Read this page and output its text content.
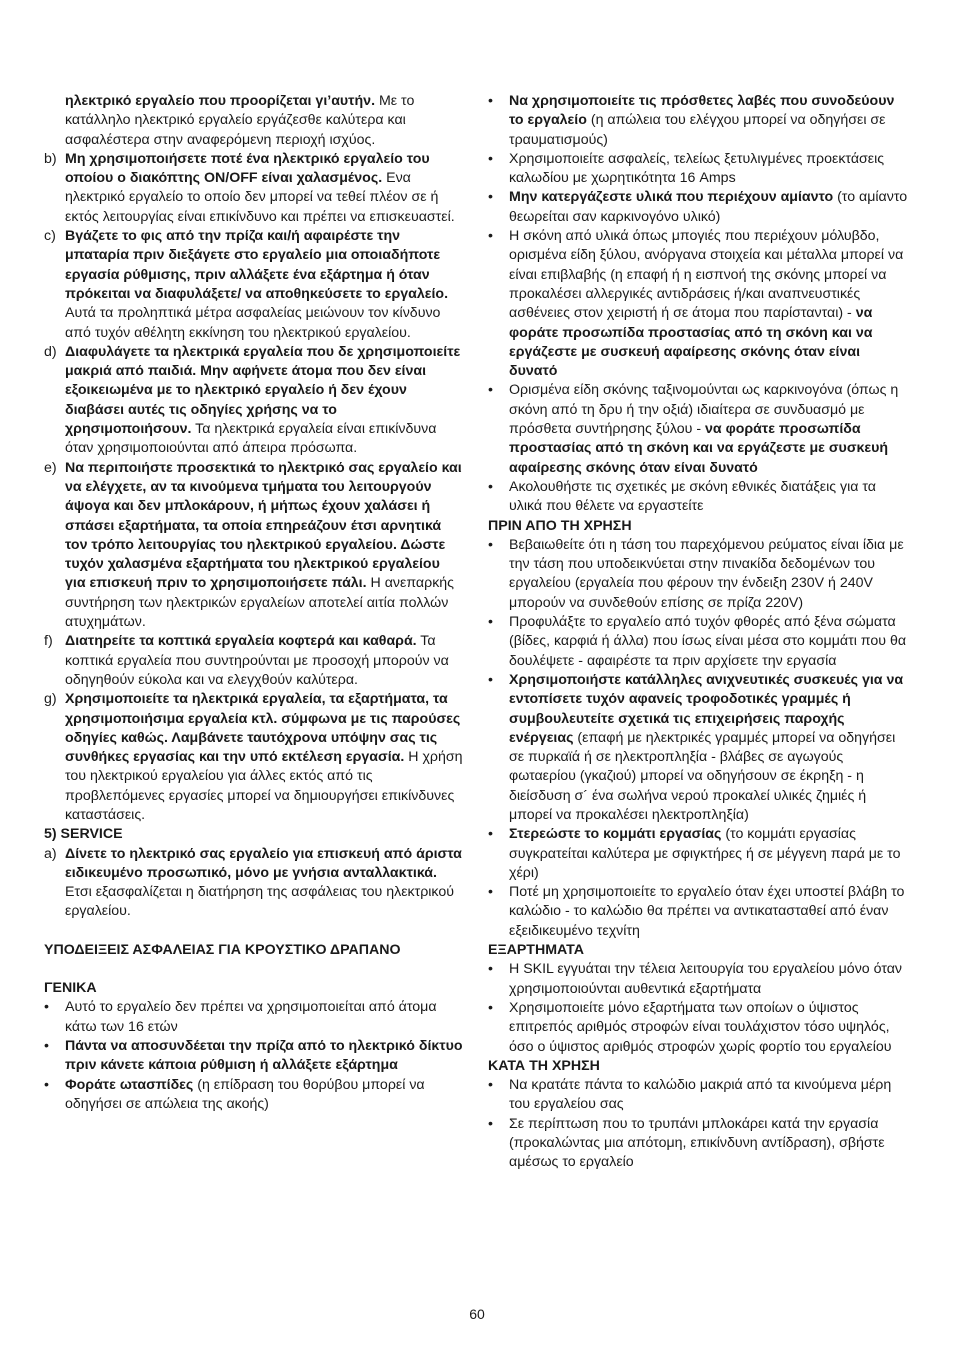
ηλεκτρικό εργαλείο που προορίζεται γι’αυτήν. Με το κατάλληλο ηλεκτρικό εργαλείο εργάζεσθε καλύτερα και ασφαλέστερα στην αναφερόμενη περιοχή ισχύος.
b) Μη χρησιμοποιήσετε ποτέ ένα ηλεκτρικό εργαλείο του οποίου ο διακόπτης ON/OFF είναι χαλασμένος. Ενα ηλεκτρικό εργαλείο το οποίο δεν μπορεί να τεθεί πλέον σε ή εκτός λειτουργίας είναι επικίνδυνο και πρέπει να επισκευαστεί.
c) Βγάζετε το φις από την πρίζα και/ή αφαιρέστε την μπαταρία πριν διεξάγετε στο εργαλείο μια οποιαδήποτε εργασία ρύθμισης, πριν αλλάξετε ένα εξάρτημα ή όταν πρόκειται να διαφυλάξετε/ να αποθηκεύσετε το εργαλείο. Αυτά τα προληπτικά μέτρα ασφαλείας μειώνουν τον κίνδυνο από τυχόν αθέλητη εκκίνηση του ηλεκτρικού εργαλείου.
d) Διαφυλάγετε τα ηλεκτρικά εργαλεία που δε χρησιμοποιείτε μακριά από παιδιά. Μην αφήνετε άτομα που δεν είναι εξοικειωμένα με το ηλεκτρικό εργαλείο ή δεν έχουν διαβάσει αυτές τις οδηγίες χρήσης να το χρησιμοποιήσουν. Τα ηλεκτρικά εργαλεία είναι επικίνδυνα όταν χρησιμοποιούνται από άπειρα πρόσωπα.
e) Να περιποιήστε προσεκτικά το ηλεκτρικό σας εργαλείο και να ελέγχετε, αν τα κινούμενα τμήματα του λειτουργούν άψογα και δεν μπλοκάρουν, ή μήπως έχουν χαλάσει ή σπάσει εξαρτήματα, τα οποία επηρεάζουν έτσι αρνητικά τον τρόπο λειτουργίας του ηλεκτρικού εργαλείου. Δώστε τυχόν χαλασμένα εξαρτήματα του ηλεκτρικού εργαλείου για επισκευή πριν το χρησιμοποιήσετε πάλι. Η ανεπαρκής συντήρηση των ηλεκτρικών εργαλείων αποτελεί αιτία πολλών ατυχημάτων.
f) Διατηρείτε τα κοπτικά εργαλεία κοφτερά και καθαρά. Τα κοπτικά εργαλεία που συντηρούνται με προσοχή μπορούν να οδηγηθούν εύκολα και να ελεγχθούν καλύτερα.
g) Χρησιμοποιείτε τα ηλεκτρικά εργαλεία, τα εξαρτήματα, τα χρησιμοποιήσιμα εργαλεία κτλ. σύμφωνα με τις παρούσες οδηγίες καθώς. Λαμβάνετε ταυτόχρονα υπόψην σας τις συνθήκες εργασίας και την υπό εκτέλεση εργασία. Η χρήση του ηλεκτρικού εργαλείου για άλλες εκτός από τις προβλεπόμενες εργασίες μπορεί να δημιουργήσει επικίνδυνες καταστάσεις.
5) SERVICE
a) Δίνετε το ηλεκτρικό σας εργαλείο για επισκευή από άριστα ειδικευμένο προσωπικό, μόνο με γνήσια ανταλλακτικά. Ετσι εξασφαλίζεται η διατήρηση της ασφάλειας του ηλεκτρικού εργαλείου.
ΥΠΟΔΕΙΞΕΙΣ ΑΣΦΑΛΕΙΑΣ ΓΙΑ ΚΡΟΥΣΤΙΚΟ ΔΡΑΠΑΝΟ
ΓΕΝΙΚΑ
• Αυτό το εργαλείο δεν πρέπει να χρησιμοποιείται από άτομα κάτω των 16 ετών
• Πάντα να αποσυνδέεται την πρίζα από το ηλεκτρικό δίκτυο πριν κάνετε κάποια ρύθμιση ή αλλάξετε εξάρτημα
• Φοράτε ωτασπίδες (η επίδραση του θορύβου μπορεί να οδηγήσει σε απώλεια της ακοής)
• Να χρησιμοποιείτε τις πρόσθετες λαβές που συνοδεύουν το εργαλείο (η απώλεια του ελέγχου μπορεί να οδηγήσει σε τραυματισμούς)
• Χρησιμοποιείτε ασφαλείς, τελείως ξετυλιγμένες προεκτάσεις καλωδίου με χωρητικότητα 16 Amps
• Μην κατεργάζεστε υλικά που περιέχουν αμίαντο (το αμίαντο θεωρείται σαν καρκινογόνο υλικό)
• Η σκόνη από υλικά όπως μπογιές που περιέχουν μόλυβδο, ορισμένα είδη ξύλου, ανόργανα στοιχεία και μέταλλα μπορεί να είναι επιβλαβής (η επαφή ή η εισπνοή της σκόνης μπορεί να προκαλέσει αλλεργικές αντιδράσεις ή/και αναπνευστικές ασθένειες στον χειριστή ή σε άτομα που παρίστανται) - να φοράτε προσωπίδα προστασίας από τη σκόνη και να εργάζεστε με συσκευή αφαίρεσης σκόνης όταν είναι δυνατό
• Ορισμένα είδη σκόνης ταξινομούνται ως καρκινογόνα (όπως η σκόνη από τη δρυ ή την οξιά) ιδιαίτερα σε συνδυασμό με πρόσθετα συντήρησης ξύλου - να φοράτε προσωπίδα προστασίας από τη σκόνη και να εργάζεστε με συσκευή αφαίρεσης σκόνης όταν είναι δυνατό
• Ακολουθήστε τις σχετικές με σκόνη εθνικές διατάξεις για τα υλικά που θέλετε να εργαστείτε
ΠΡΙΝ ΑΠΟ ΤΗ ΧΡΗΣΗ
• Βεβαιωθείτε ότι η τάση του παρεχόμενου ρεύματος είναι ίδια με την τάση που υποδεικνύεται στην πινακίδα δεδομένων του εργαλείου (εργαλεία που φέρουν την ένδειξη 230V ή 240V μπορούν να συνδεθούν επίσης σε πρίζα 220V)
• Προφυλάξτε το εργαλείο από τυχόν φθορές από ξένα σώματα (βίδες, καρφιά ή άλλα) που ίσως είναι μέσα στο κομμάτι που θα δουλέψετε - αφαιρέστε τα πριν αρχίσετε την εργασία
• Χρησιμοποιήστε κατάλληλες ανιχνευτικές συσκευές για να εντοπίσετε τυχόν αφανείς τροφοδοτικές γραμμές ή συμβουλευτείτε σχετικά τις επιχειρήσεις παροχής ενέργειας (επαφή με ηλεκτρικές γραμμές μπορεί να οδηγήσει σε πυρκαϊά ή σε ηλεκτροπληξία - βλάβες σε αγωγούς φωταερίου (γκαζιού) μπορεί να οδηγήσουν σε έκρηξη - η διείσδυση σ´ ένα σωλήνα νερού προκαλεί υλικές ζημιές ή μπορεί να προκαλέσει ηλεκτροπληξία)
• Στερεώστε το κομμάτι εργασίας (το κομμάτι εργασίας συγκρατείται καλύτερα με σφιγκτήρες ή σε μέγγενη παρά με το χέρι)
• Ποτέ μη χρησιμοποιείτε το εργαλείο όταν έχει υποστεί βλάβη το καλώδιο - το καλώδιο θα πρέπει να αντικατασταθεί από έναν εξειδικευμένο τεχνίτη
ΕΞΑΡΤΗΜΑΤΑ
• Η SKIL εγγυάται την τέλεια λειτουργία του εργαλείου μόνο όταν χρησιμοποιούνται αυθεντικά εξαρτήματα
• Χρησιμοποιείτε μόνο εξαρτήματα των οποίων ο ύψιστος επιτρεπός αριθμός στροφών είναι τουλάχιστον τόσο υψηλός, όσο ο ύψιστος αριθμός στροφών χωρίς φορτίο του εργαλείου
ΚΑΤΑ ΤΗ ΧΡΗΣΗ
• Να κρατάτε πάντα το καλώδιο μακριά από τα κινούμενα μέρη του εργαλείου σας
• Σε περίπτωση που το τρυπάνι μπλοκάρει κατά την εργασία (προκαλώντας μια απότομη, επικίνδυνη αντίδραση), σβήστε αμέσως το εργαλείο
60
